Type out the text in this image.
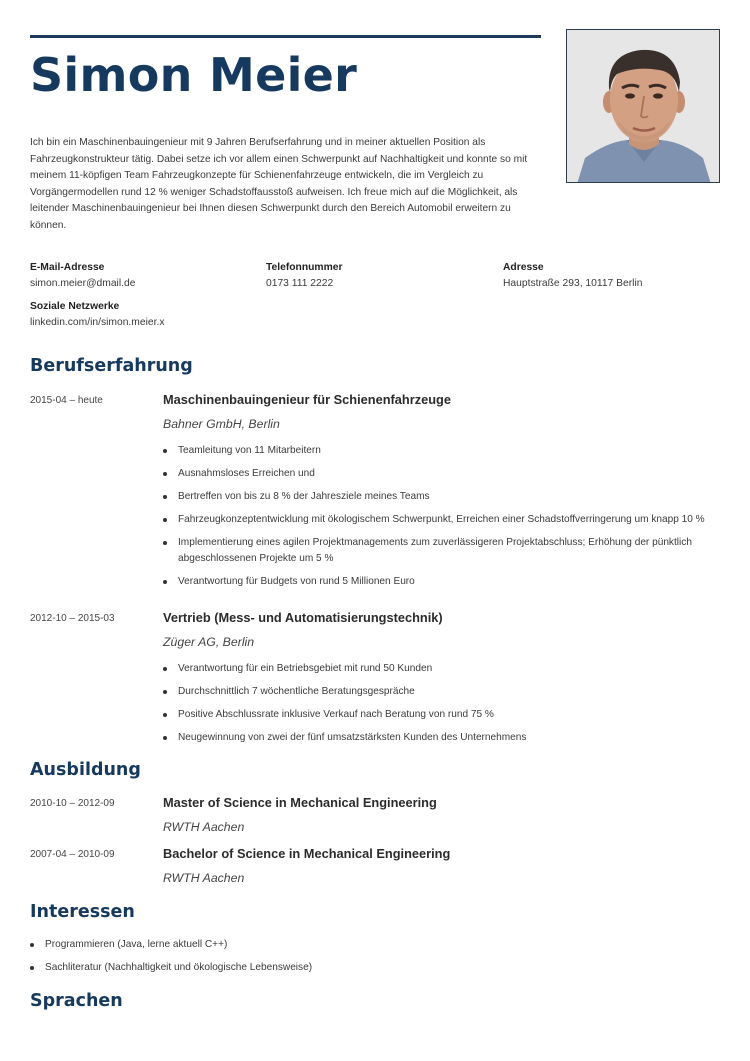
Simon Meier

Ich bin ein Maschinenbauingenieur mit 9 Jahren Berufserfahrung und in meiner aktuellen Position als Fahrzeugkonstrukteur tätig. Dabei setze ich vor allem einen Schwerpunkt auf Nachhaltigkeit und konnte so mit meinem 11-köpfigen Team Fahrzeugkonzepte für Schienenfahrzeuge entwickeln, die im Vergleich zu Vorgängermodellen rund 12 % weniger Schadstoffausstoß aufweisen. Ich freue mich auf die Möglichkeit, als leitender Maschinenbauingenieur bei Ihnen diesen Schwerpunkt durch den Bereich Automobil erweitern zu können.

E-Mail-Adresse
simon.meier@dmail.de
Telefonnummer
0173 111 2222
Adresse
Hauptstraße 293, 10117 Berlin
Soziale Netzwerke
linkedin.com/in/simon.meier.x
Berufserfahrung
2015-04 – heute	Maschinenbauingenieur für Schienenfahrzeuge
Bahner GmbH, Berlin
Teamleitung von 11 Mitarbeitern
Ausnahmsloses Erreichen und
Bertreffen von bis zu 8 % der Jahresziele meines Teams
Fahrzeugkonzeptentwicklung mit ökologischem Schwerpunkt, Erreichen einer Schadstoffverringerung um knapp 10 %
Implementierung eines agilen Projektmanagements zum zuverlässigeren Projektabschluss; Erhöhung der pünktlich abgeschlossenen Projekte um 5 %
Verantwortung für Budgets von rund 5 Millionen Euro
2012-10 – 2015-03	Vertrieb (Mess- und Automatisierungstechnik)
Züger AG, Berlin
Verantwortung für ein Betriebsgebiet mit rund 50 Kunden
Durchschnittlich 7 wöchentliche Beratungsgespräche
Positive Abschlussrate inklusive Verkauf nach Beratung von rund 75 %
Neugewinnung von zwei der fünf umsatzstärksten Kunden des Unternehmens
Ausbildung
2010-10 – 2012-09	Master of Science in Mechanical Engineering
RWTH Aachen
2007-04 – 2010-09	Bachelor of Science in Mechanical Engineering
RWTH Aachen
Interessen
Programmieren (Java, lerne aktuell C++)
Sachliteratur (Nachhaltigkeit und ökologische Lebensweise)
Sprachen
